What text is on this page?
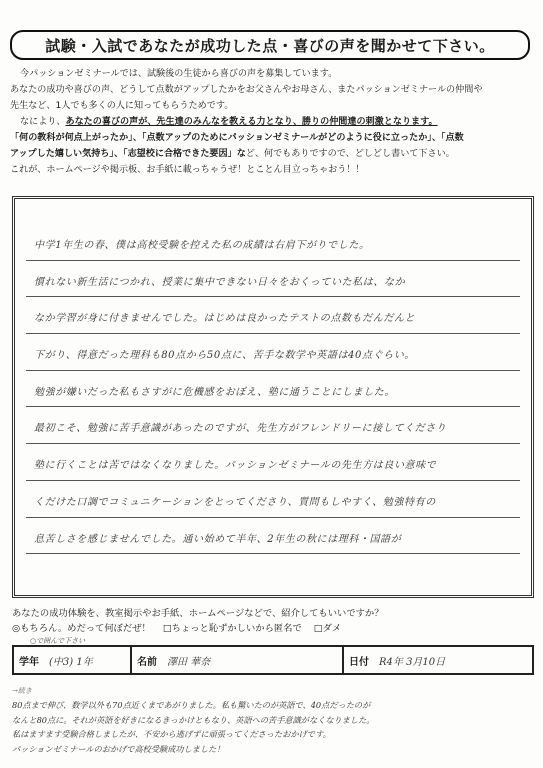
試験・入試であなたが成功した点・喜びの声を聞かせて下さい。
今パッションゼミナールでは、試験後の生徒から喜びの声を募集しています。
あなたの成功や喜びの声、どうして点数がアップしたかをお父さんやお母さん、またパッションゼミナールの仲間や
先生など、1人でも多くの人に知ってもらうためです。
なにより、あなたの喜びの声が、先生達のみんなを教える力となり、勝りの仲間達の刺激となります。
「何の教科が何点上がったか」、「点数アップのためにパッションゼミナールがどのように役に立ったか」、「点数
アップした嬉しい気持ち」、「志望校に合格できた要因」など、何でもありですので、どしどし書いて下さい。
これが、ホームページや掲示板、お手紙に載っちゃうぜ！とことん目立っちゃおう！！
中学1年生の春、僕は高校受験を控えた私の成績は右肩下がりでした。
慣れない新生活につかれ、授業に集中できない日々をおくっていた私は、なか
なか学習が身に付きませんでした。はじめは良かったテストの点数もだんだんと
下がり、得意だった理科も80点から50点に、苦手な数学や英語は40点ぐらい。
勉強が嫌いだった私もさすがに危機感をおぼえ、塾に通うことにしました。
最初こそ、勉強に苦手意識があったのですが、先生方がフレンドリーに接してくださり
塾に行くことは苦ではなくなりました。パッションゼミナールの先生方は良い意味で
くだけた口調でコミュニケーションをとってくださり、質問もしやすく、勉強特有の
息苦しさを感じませんでした。通い始めて半年、2年生の秋には理科・国語が
あなたの成功体験を、教室掲示やお手紙、ホームページなどで、紹介してもいいですか？
◎もちろん。めだって何ぼだぜ！ □ちょっと恥ずかしいから匿名で □ダメ
○で囲んで下さい
学年 (中3) 1年	名前 澤田 華奈	日付 R4年 3月10日
→続き
80点まで伸び、数学以外も70点近くまであがりました。私も驚いたのが英語で、40点だったのが
なんと80点に。それが英語を好きになるきっかけともなり、英語への苦手意識がなくなりました。
私はますます受験合格しましたが、不安から逃げずに頑張ってくださったおかげです。
パッションゼミナールのおかげで高校受験成功しました！
